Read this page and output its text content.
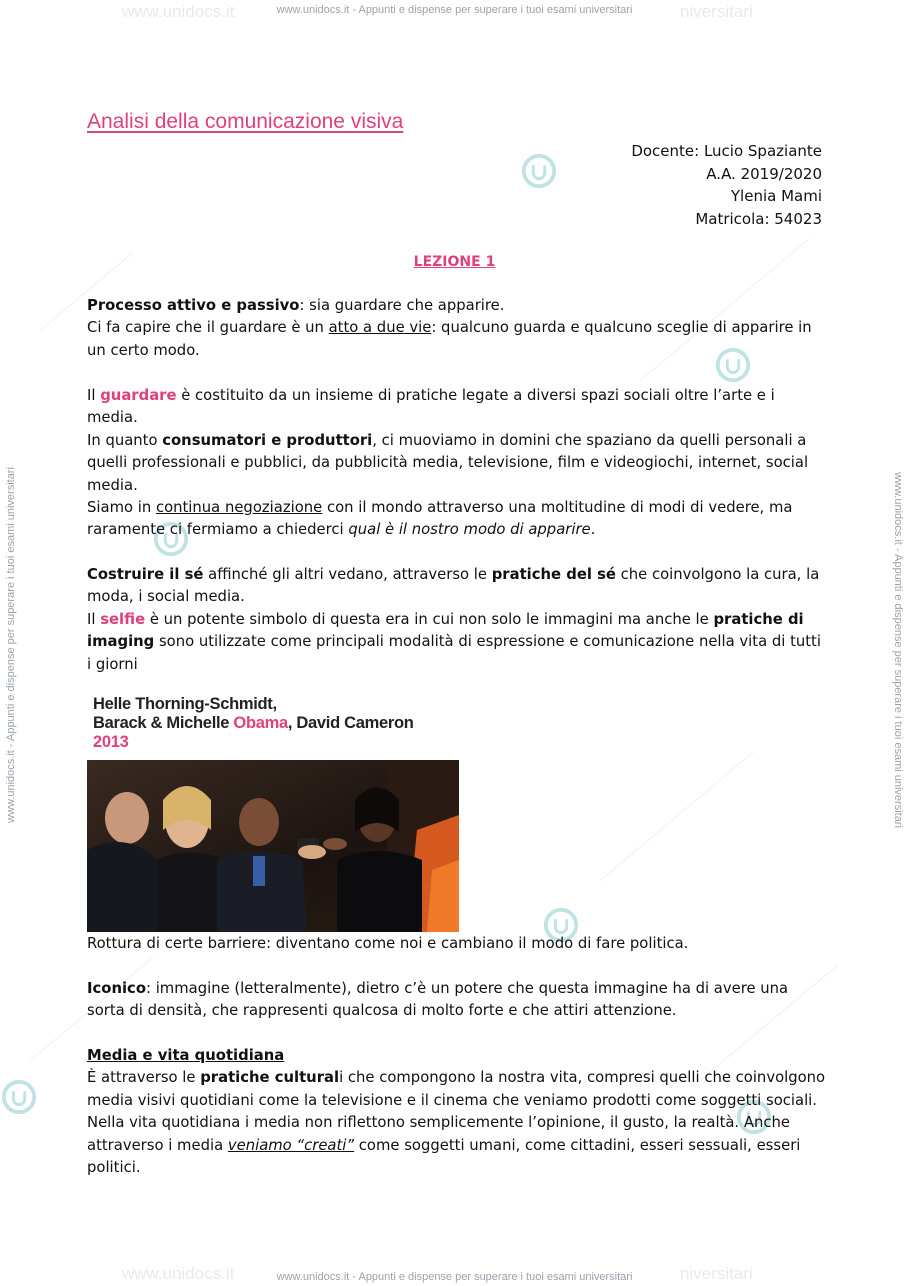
www.unidocs.it	niversitari
www.unidocs.it - Appunti e dispense per superare i tuoi esami universitari
www.unidocs.it	niversitari
www.unidocs.it - Appunti e dispense per superare i tuoi esami universitari
www.unidocs.it - Appunti e dispense per superare i tuoi esami universitari	www.unidocs.it - Appunti e dispense per superare i tuoi esami universitari
Analisi della comunicazione visiva
Docente: Lucio Spaziante
A.A. 2019/2020
Ylenia Mami
Matricola: 54023
LEZIONE 1
Processo attivo e passivo: sia guardare che apparire.
Ci fa capire che il guardare è un atto a due vie: qualcuno guarda e qualcuno sceglie di apparire in un certo modo.
Il guardare è costituito da un insieme di pratiche legate a diversi spazi sociali oltre l’arte e i media.
In quanto consumatori e produttori, ci muoviamo in domini che spaziano da quelli personali a quelli professionali e pubblici, da pubblicità media, televisione, film e videogiochi, internet, social media.
Siamo in continua negoziazione con il mondo attraverso una moltitudine di modi di vedere, ma raramente ci fermiamo a chiederci qual è il nostro modo di apparire.
Costruire il sé affinché gli altri vedano, attraverso le pratiche del sé che coinvolgono la cura, la moda, i social media.
Il selfie è un potente simbolo di questa era in cui non solo le immagini ma anche le pratiche di imaging sono utilizzate come principali modalità di espressione e comunicazione nella vita di tutti i giorni
Helle Thorning-Schmidt,
Barack & Michelle Obama, David Cameron
2013
Rottura di certe barriere: diventano come noi e cambiano il modo di fare politica.
Iconico: immagine (letteralmente), dietro c’è un potere che questa immagine ha di avere una sorta di densità, che rappresenti qualcosa di molto forte e che attiri attenzione.
Media e vita quotidiana
È attraverso le pratiche culturali che compongono la nostra vita, compresi quelli che coinvolgono media visivi quotidiani come la televisione e il cinema che veniamo prodotti come soggetti sociali.
Nella vita quotidiana i media non riflettono semplicemente l’opinione, il gusto, la realtà. Anche attraverso i media veniamo “creati” come soggetti umani, come cittadini, esseri sessuali, esseri politici.
